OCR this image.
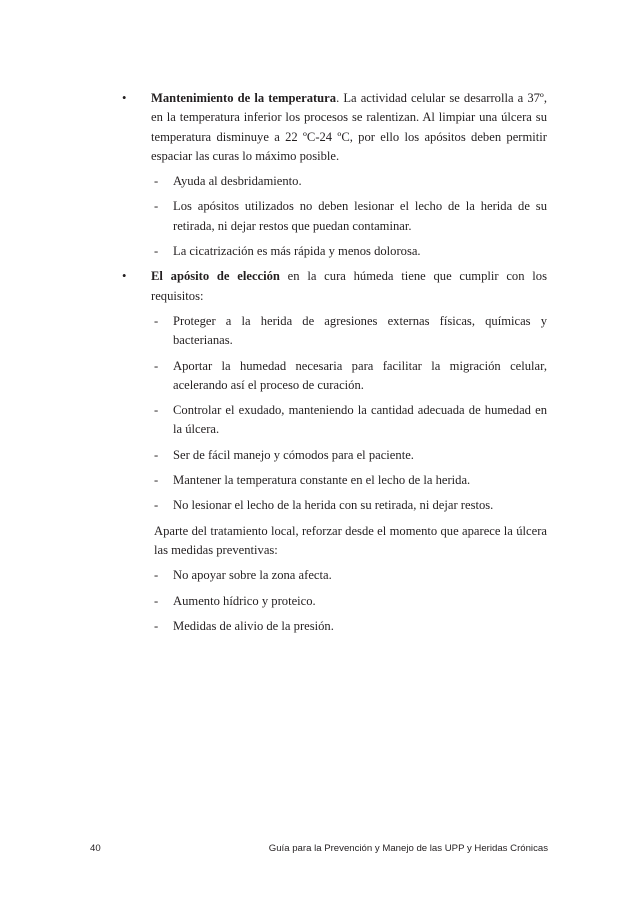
• Mantenimiento de la temperatura. La actividad celular se desarrolla a 37º, en la temperatura inferior los procesos se ralentizan. Al limpiar una úlcera su temperatura disminuye a 22 ºC-24 ºC, por ello los apósitos deben permitir espaciar las curas lo máximo posible.
- Ayuda al desbridamiento.
- Los apósitos utilizados no deben lesionar el lecho de la herida de su retirada, ni dejar restos que puedan contaminar.
- La cicatrización es más rápida y menos dolorosa.
• El apósito de elección en la cura húmeda tiene que cumplir con los requisitos:
- Proteger a la herida de agresiones externas físicas, químicas y bacterianas.
- Aportar la humedad necesaria para facilitar la migración celular, acelerando así el proceso de curación.
- Controlar el exudado, manteniendo la cantidad adecuada de humedad en la úlcera.
- Ser de fácil manejo y cómodos para el paciente.
- Mantener la temperatura constante en el lecho de la herida.
- No lesionar el lecho de la herida con su retirada, ni dejar restos.
Aparte del tratamiento local, reforzar desde el momento que aparece la úlcera las medidas preventivas:
- No apoyar sobre la zona afecta.
- Aumento hídrico y proteico.
- Medidas de alivio de la presión.
40	Guía para la Prevención y Manejo de las UPP y Heridas Crónicas
